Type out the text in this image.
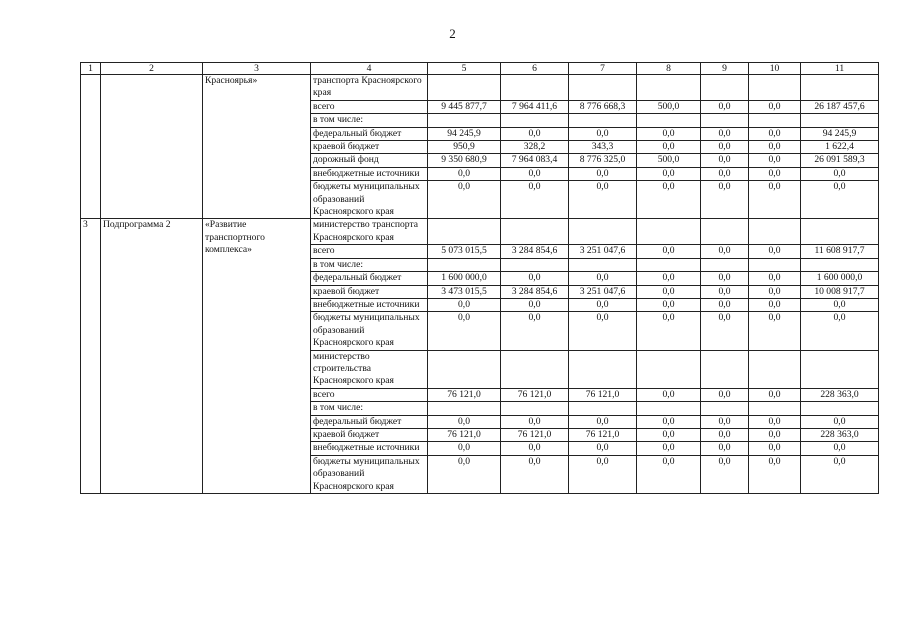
2
1	2	3	4	5	6	7	8	9	10	11
		Красноярья»	транспорта Красноярского края							
			всего	9 445 877,7	7 964 411,6	8 776 668,3	500,0	0,0	0,0	26 187 457,6
			в том числе:							
			федеральный бюджет	94 245,9	0,0	0,0	0,0	0,0	0,0	94 245,9
			краевой бюджет	950,9	328,2	343,3	0,0	0,0	0,0	1 622,4
			дорожный фонд	9 350 680,9	7 964 083,4	8 776 325,0	500,0	0,0	0,0	26 091 589,3
			внебюджетные источники	0,0	0,0	0,0	0,0	0,0	0,0	0,0
			бюджеты муниципальных образований Красноярского края	0,0	0,0	0,0	0,0	0,0	0,0	0,0
3	Подпрограмма 2	«Развитие транспортного комплекса»	министерство транспорта Красноярского края							
			всего	5 073 015,5	3 284 854,6	3 251 047,6	0,0	0,0	0,0	11 608 917,7
			в том числе:							
			федеральный бюджет	1 600 000,0	0,0	0,0	0,0	0,0	0,0	1 600 000,0
			краевой бюджет	3 473 015,5	3 284 854,6	3 251 047,6	0,0	0,0	0,0	10 008 917,7
			внебюджетные источники	0,0	0,0	0,0	0,0	0,0	0,0	0,0
			бюджеты муниципальных образований Красноярского края	0,0	0,0	0,0	0,0	0,0	0,0	0,0
			министерство строительства Красноярского края							
			всего	76 121,0	76 121,0	76 121,0	0,0	0,0	0,0	228 363,0
			в том числе:							
			федеральный бюджет	0,0	0,0	0,0	0,0	0,0	0,0	0,0
			краевой бюджет	76 121,0	76 121,0	76 121,0	0,0	0,0	0,0	228 363,0
			внебюджетные источники	0,0	0,0	0,0	0,0	0,0	0,0	0,0
			бюджеты муниципальных образований Красноярского края	0,0	0,0	0,0	0,0	0,0	0,0	0,0
